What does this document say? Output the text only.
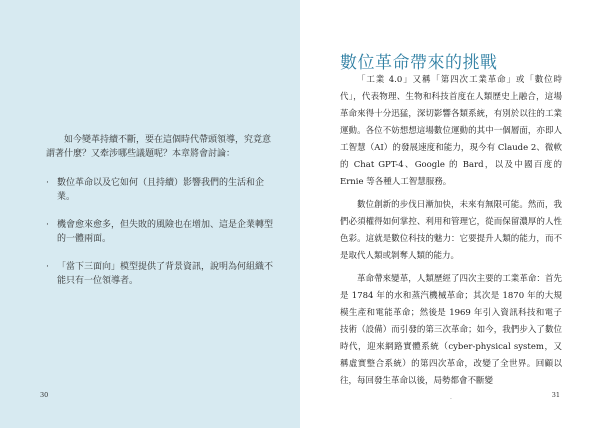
如今變革持續不斷，要在這個時代帶頭領導，究竟意謂著什麼？又牽涉哪些議題呢？本章將會討論：

· 數位革命以及它如何（且持續）影響我們的生活和企業。
· 機會愈來愈多，但失敗的風險也在增加、這是企業轉型的一體兩面。
· 「當下三面向」模型提供了背景資訊，說明為何組織不能只有一位領導者。
30
數位革命帶來的挑戰

「工業 4.0」又稱「第四次工業革命」或「數位時代」，代表物理、生物和科技首度在人類歷史上融合，這場革命來得十分迅猛，深切影響各類系統，有別於以往的工業運動。各位不妨想想這場數位運動的其中一個層面，亦即人工智慧（AI）的發展速度和能力，現今有 Claude 2、微軟的 Chat GPT-4、Google 的 Bard，以及中國百度的 Ernie 等各種人工智慧服務。

數位創新的步伐日漸加快，未來有無限可能。然而，我們必須權得如何掌控、利用和管理它，從而保留濃厚的人性色彩。這就是數位科技的魅力：它要提升人類的能力，而不是取代人類或剝奪人類的能力。

革命帶來變革，人類歷經了四次主要的工業革命：首先是 1784 年的水和蒸汽機械革命；其次是 1870 年的大規模生產和電能革命；然後是 1969 年引入資訊科技和電子技術（設備）而引發的第三次革命；如今，我們步入了數位時代，迎來網路實體系統（cyber-physical system，又稱虛實整合系統）的第四次革命，改變了全世界。回顧以往，每回發生革命以後，局勢都會不斷變

.	31
